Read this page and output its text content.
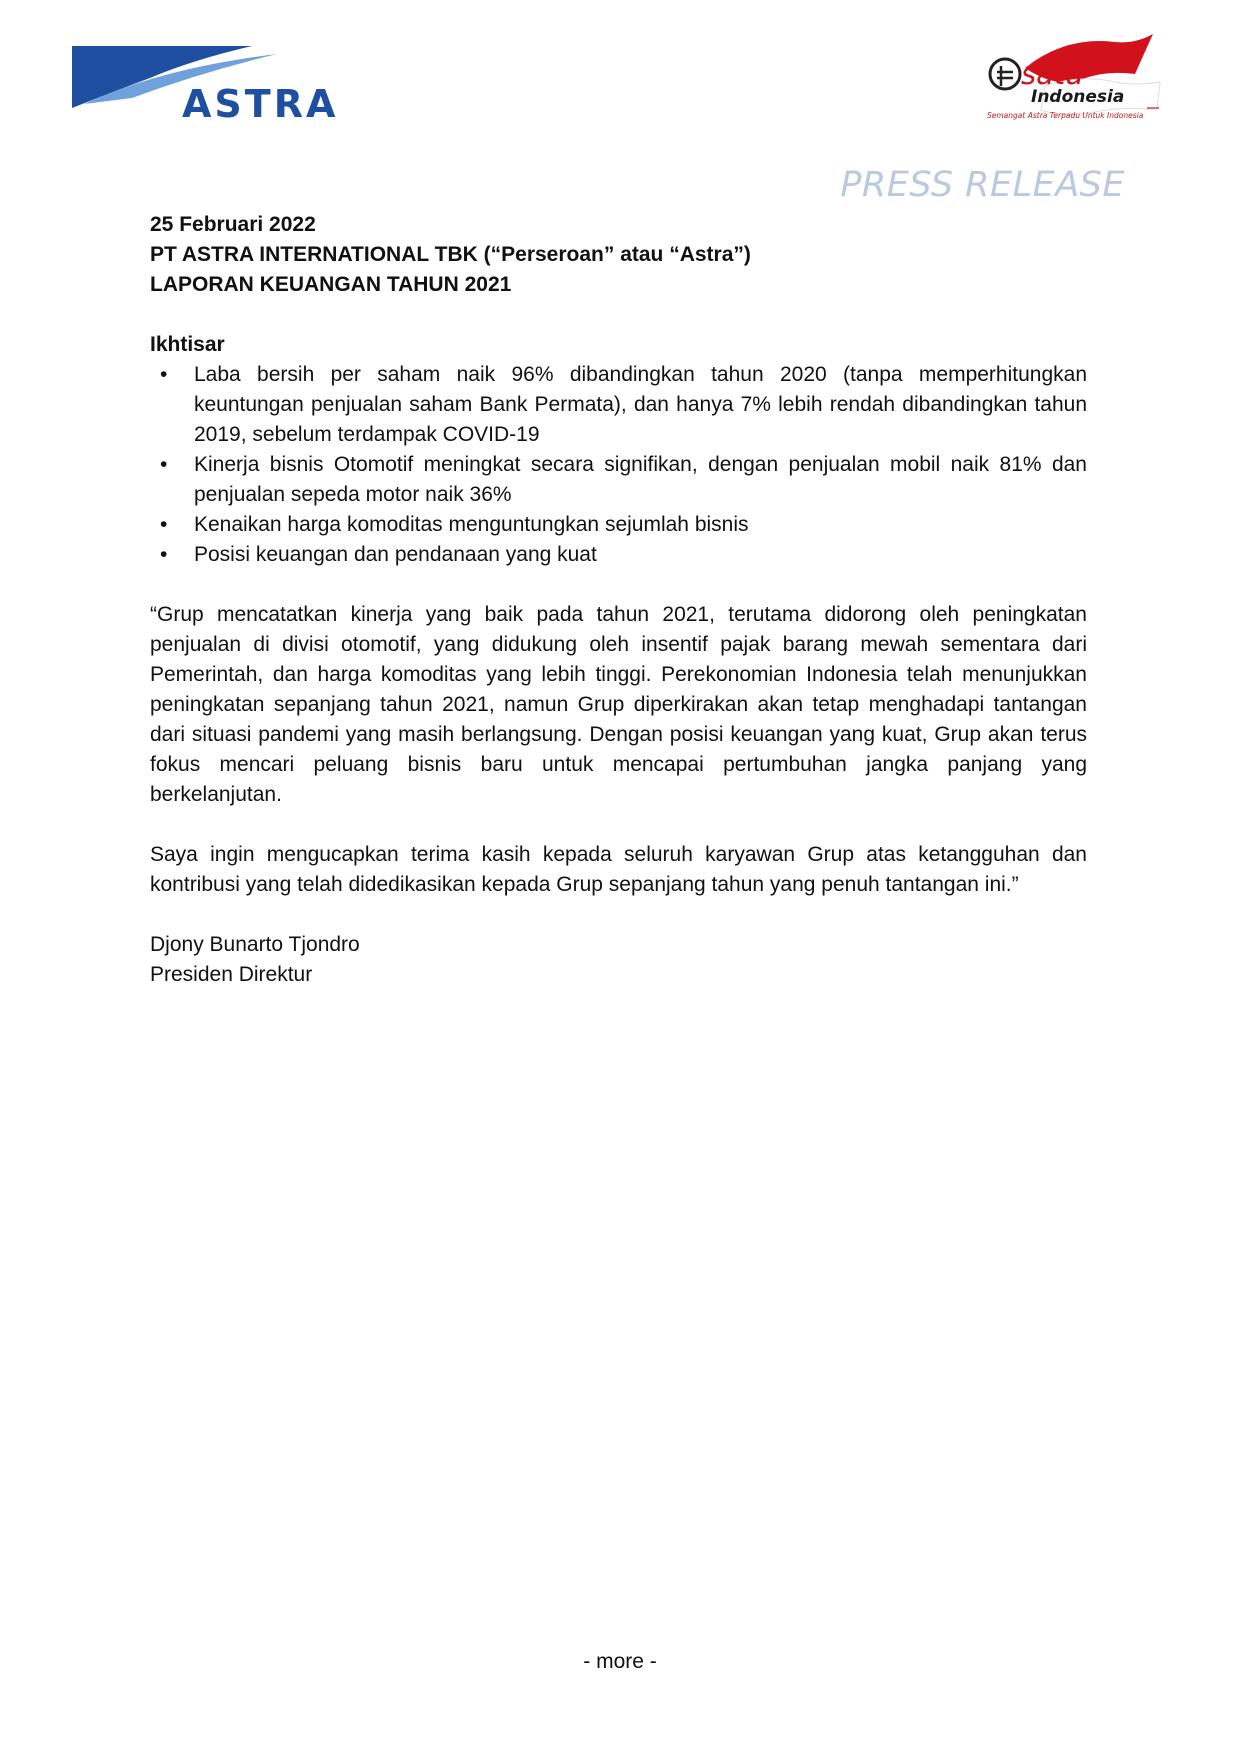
ASTRA
satu
Indonesia
Semangat Astra Terpadu Untuk Indonesia
PRESS RELEASE

25 Februari 2022

PT ASTRA INTERNATIONAL TBK (“Perseroan” atau “Astra”)

LAPORAN KEUANGAN TAHUN 2021

Ikhtisar

• Laba bersih per saham naik 96% dibandingkan tahun 2020 (tanpa memperhitungkan keuntungan penjualan saham Bank Permata), dan hanya 7% lebih rendah dibandingkan tahun 2019, sebelum terdampak COVID-19
• Kinerja bisnis Otomotif meningkat secara signifikan, dengan penjualan mobil naik 81% dan penjualan sepeda motor naik 36%
• Kenaikan harga komoditas menguntungkan sejumlah bisnis
• Posisi keuangan dan pendanaan yang kuat

“Grup mencatatkan kinerja yang baik pada tahun 2021, terutama didorong oleh peningkatan penjualan di divisi otomotif, yang didukung oleh insentif pajak barang mewah sementara dari Pemerintah, dan harga komoditas yang lebih tinggi. Perekonomian Indonesia telah menunjukkan peningkatan sepanjang tahun 2021, namun Grup diperkirakan akan tetap menghadapi tantangan dari situasi pandemi yang masih berlangsung. Dengan posisi keuangan yang kuat, Grup akan terus fokus mencari peluang bisnis baru untuk mencapai pertumbuhan jangka panjang yang berkelanjutan.

Saya ingin mengucapkan terima kasih kepada seluruh karyawan Grup atas ketangguhan dan kontribusi yang telah didedikasikan kepada Grup sepanjang tahun yang penuh tantangan ini.”

Djony Bunarto Tjondro
Presiden Direktur

- more -
